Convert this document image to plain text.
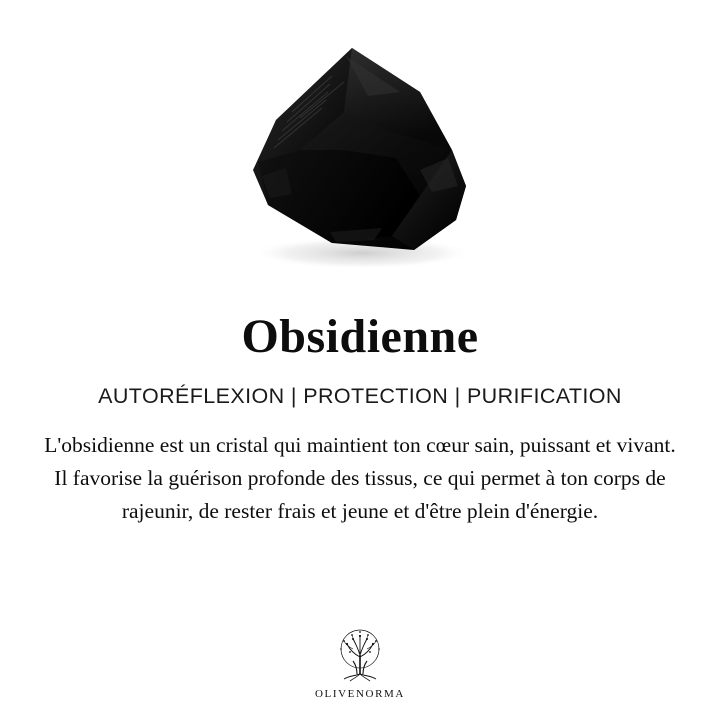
Obsidienne
AUTORÉFLEXION | PROTECTION | PURIFICATION

L'obsidienne est un cristal qui maintient ton cœur sain, puissant et vivant. Il favorise la guérison profonde des tissus, ce qui permet à ton corps de rajeunir, de rester frais et jeune et d'être plein d'énergie.

OLIVENORMA
